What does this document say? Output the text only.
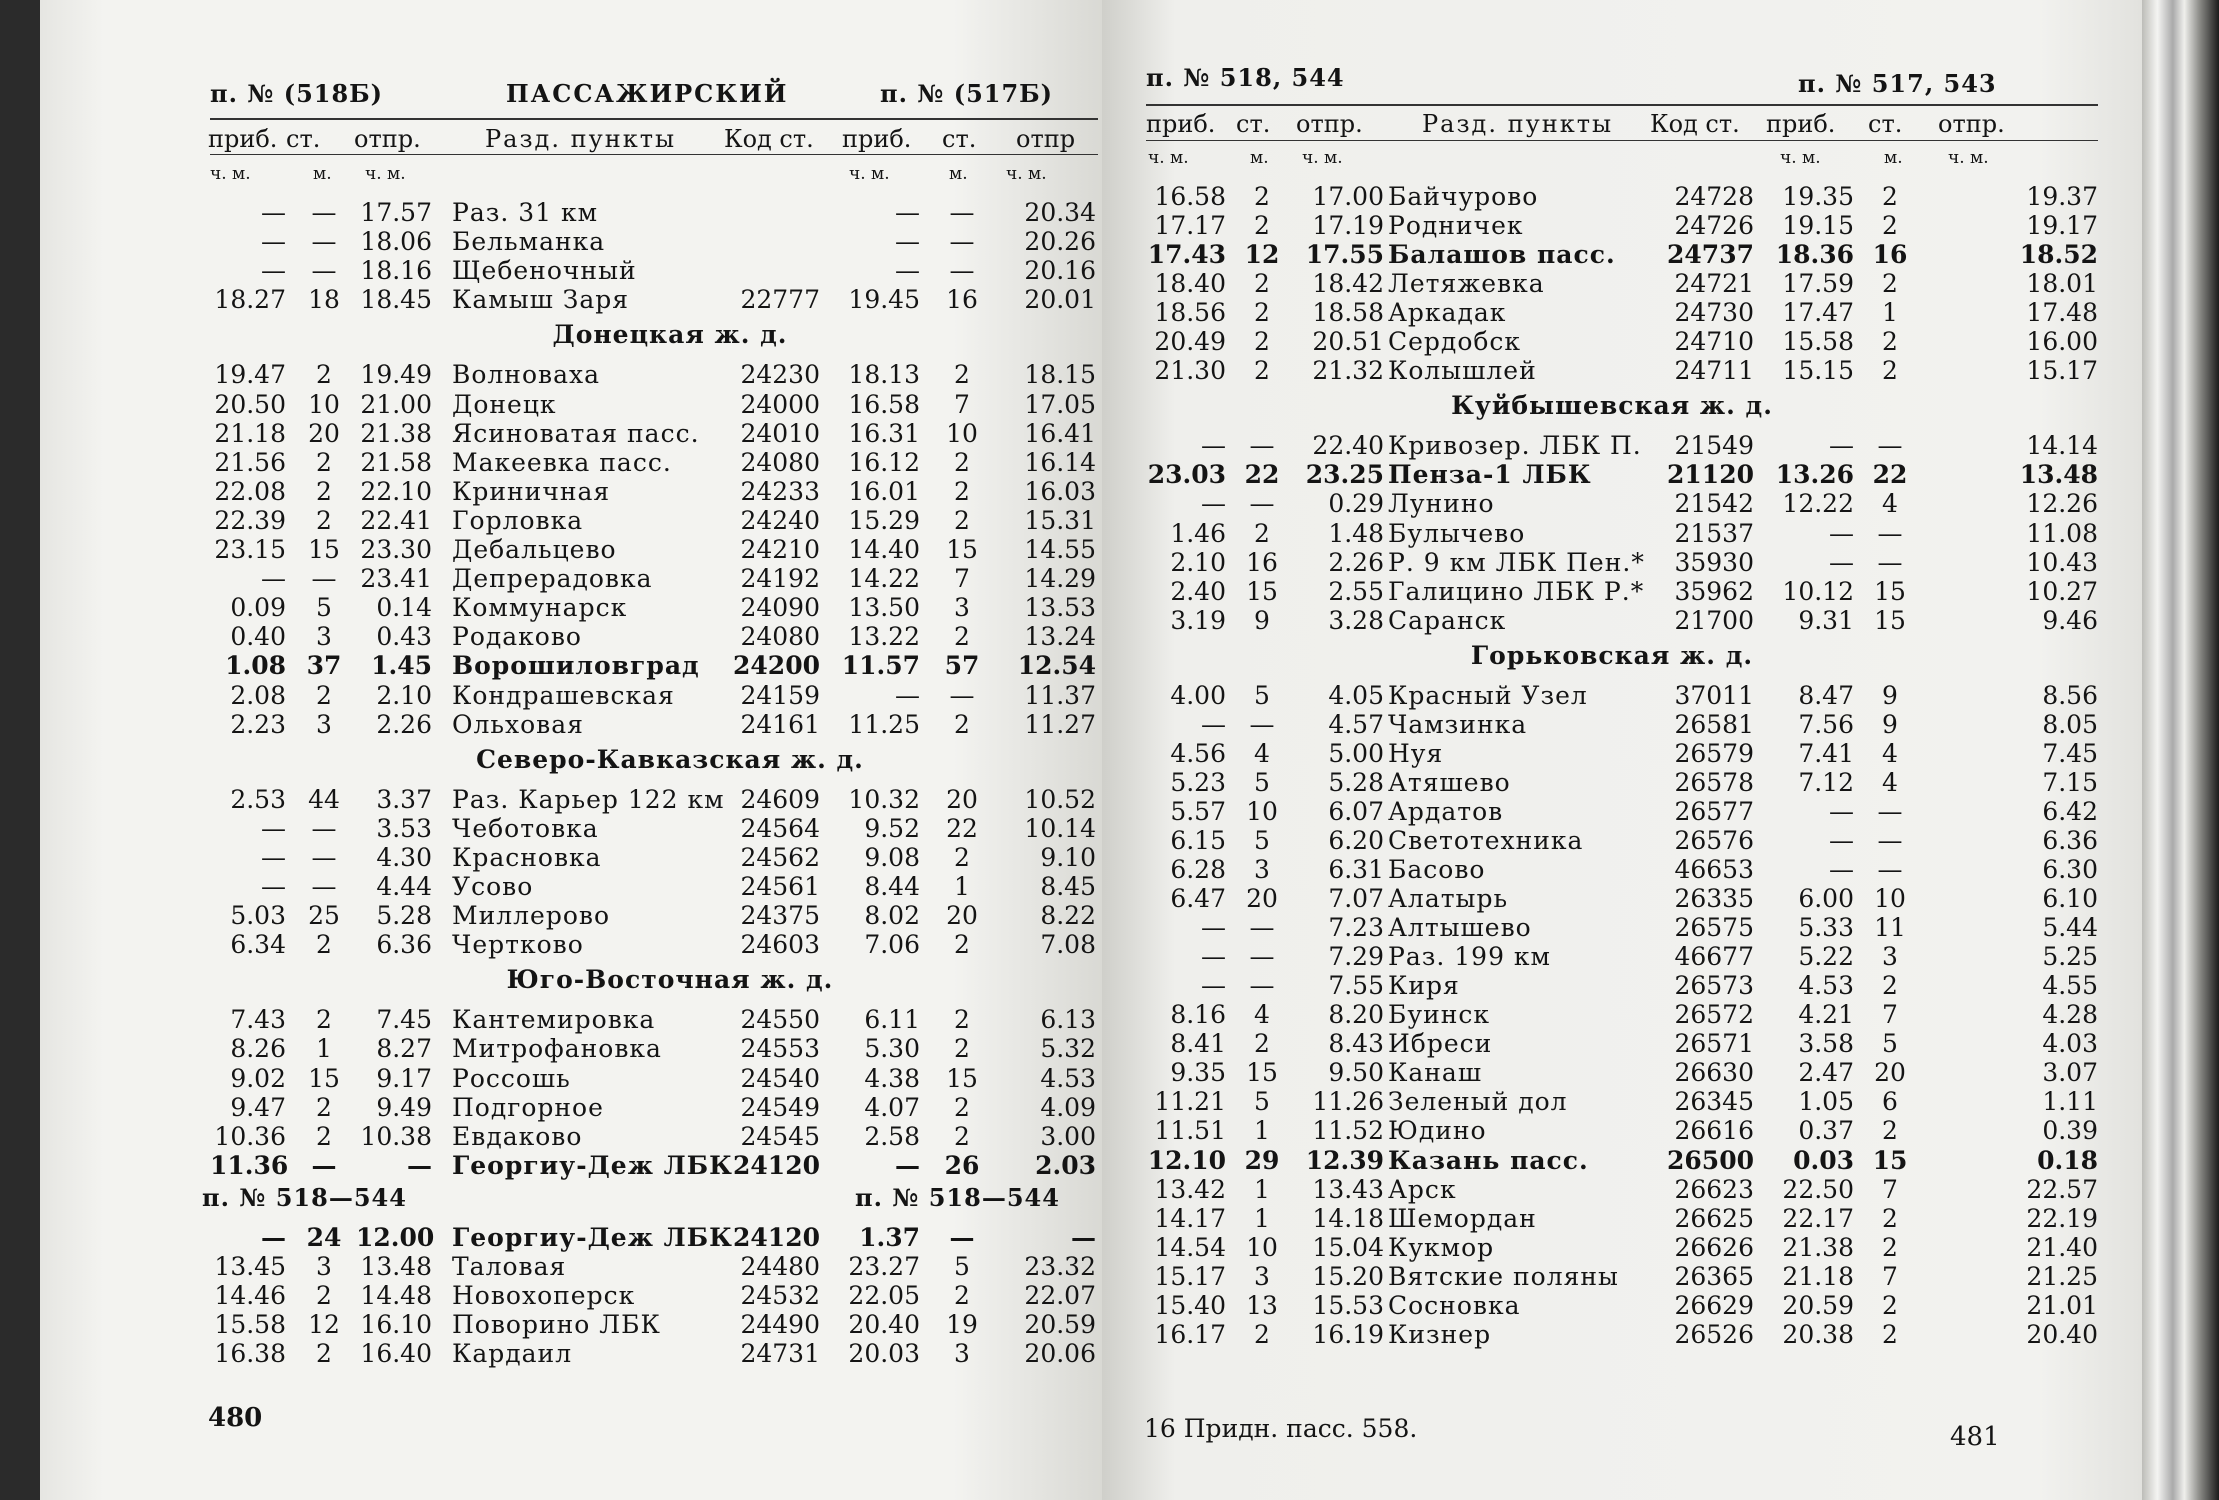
п. № (518Б)	ПАССАЖИРСКИЙ	п. № (517Б)
приб. ст. отпр.	Разд. пункты Код ст. приб. ст. отпр
ч. м.	м. ч. м.	ч. м.	м. ч. м.
—	— 17.57 Раз. 31 км	—	—	20.34
—	— 18.06 Бельманка	—	—	20.26
—	— 18.16 Щебеночный	—	—	20.16
18.27 18 18.45 Камыш Заря	22777	19.45	16	20.01
Донецкая ж. д.
19.47	2	19.49 Волноваха	24230	18.13	2	18.15
20.50 10 21.00 Донецк	24000	16.58	7	17.05
21.18 20 21.38 Ясиноватая пасс.	24010	16.31	10	16.41
21.56	2	21.58 Макеевка пасс.	24080	16.12	2	16.14
22.08	2	22.10 Криничная	24233	16.01	2	16.03
22.39	2	22.41 Горловка	24240	15.29	2	15.31
23.15 15 23.30 Дебальцево	24210	14.40	15	14.55
—	— 23.41 Депрерадовка	24192	14.22	7	14.29
0.09	5	0.14 Коммунарск	24090	13.50	3	13.53
0.40	3	0.43 Родаково	24080	13.22	2	13.24
1.08 37	1.45 Ворошиловград	24200 11.57 57	12.54
2.08	2	2.10 Кондрашевская	24159	—	—	11.37
2.23	3	2.26 Ольховая	24161	11.25	2	11.27
Северо-Кавказская ж. д.
2.53 44	3.37 Раз. Карьер 122 км 24609	10.32	20	10.52
—	—	3.53 Чеботовка	24564	9.52	22	10.14
—	—	4.30 Красновка	24562	9.08	2	9.10
—	—	4.44 Усово	24561	8.44	1	8.45
5.03 25	5.28 Миллерово	24375	8.02	20	8.22
6.34	2	6.36 Чертково	24603	7.06	2	7.08
Юго-Восточная ж. д.
7.43	2	7.45 Кантемировка	24550	6.11	2	6.13
8.26	1	8.27 Митрофановка	24553	5.30	2	5.32
9.02 15	9.17 Россошь	24540	4.38	15	4.53
9.47	2	9.49 Подгорное	24549	4.07	2	4.09
10.36	2	10.38 Евдаково	24545	2.58	2	3.00
11.36 —	— Георгиу-Деж ЛБК 24120	— 26	2.03
п. № 518—544	п. № 518—544
— 24 12.00 Георгиу-Деж ЛБК 24120	1.37	—	—
13.45	3	13.48 Таловая	24480	23.27	5	23.32
14.46	2	14.48 Новохоперск	24532	22.05	2	22.07
15.58 12 16.10 Поворино ЛБК	24490	20.40	19	20.59
16.38	2	16.40 Кардаил	24731	20.03	3	20.06
480
п. № 518, 544	п. № 517, 543
приб. ст. отпр. Разд. пункты Код ст. приб. ст. отпр.
ч. м.	м. ч. м.	ч. м.	м.	ч. м.
16.58	2	17.00 Байчурово	24728	19.35	2	19.37
17.17	2	17.19 Родничек	24726	19.15	2	19.17
17.43 12	17.55 Балашов пасс.	24737 18.36 16	18.52
18.40	2	18.42 Летяжевка	24721	17.59	2	18.01
18.56	2	18.58 Аркадак	24730	17.47	1	17.48
20.49	2	20.51 Сердобск	24710	15.58	2	16.00
21.30	2	21.32 Колышлей	24711	15.15	2	15.17
Куйбышевская ж. д.
— —	22.40 Кривозер. ЛБК П.	21549	— —	14.14
23.03 22	23.25 Пенза-1 ЛБК	21120 13.26 22	13.48
— —	0.29 Лунино	21542	12.22	4	12.26
1.46	2	1.48 Булычево	21537	— —	11.08
2.10 16	2.26 Р. 9 км ЛБК Пен.*	35930	— —	10.43
2.40 15	2.55 Галицино ЛБК Р.*	35962	10.12 15	10.27
3.19	9	3.28 Саранск	21700	9.31 15	9.46
Горьковская ж. д.
4.00	5	4.05 Красный Узел	37011	8.47	9	8.56
— —	4.57 Чамзинка	26581	7.56	9	8.05
4.56	4	5.00 Нуя	26579	7.41	4	7.45
5.23	5	5.28 Атяшево	26578	7.12	4	7.15
5.57 10	6.07 Ардатов	26577	— —	6.42
6.15	5	6.20 Светотехника	26576	— —	6.36
6.28	3	6.31 Басово	46653	— —	6.30
6.47 20	7.07 Алатырь	26335	6.00 10	6.10
— —	7.23 Алтышево	26575	5.33 11	5.44
— —	7.29 Раз. 199 км	46677	5.22	3	5.25
— —	7.55 Киря	26573	4.53	2	4.55
8.16	4	8.20 Буинск	26572	4.21	7	4.28
8.41	2	8.43 Ибреси	26571	3.58	5	4.03
9.35 15	9.50 Канаш	26630	2.47 20	3.07
11.21	5	11.26 Зеленый дол	26345	1.05	6	1.11
11.51	1	11.52 Юдино	26616	0.37	2	0.39
12.10 29	12.39 Казань пасс.	26500	0.03 15	0.18
13.42	1	13.43 Арск	26623	22.50	7	22.57
14.17	1	14.18 Шемордан	26625	22.17	2	22.19
14.54 10	15.04 Кукмор	26626	21.38	2	21.40
15.17	3	15.20 Вятские поляны	26365	21.18	7	21.25
15.40 13	15.53 Сосновка	26629	20.59	2	21.01
16.17	2	16.19 Кизнер	26526	20.38	2	20.40
16 Придн. пасс. 558.	481
